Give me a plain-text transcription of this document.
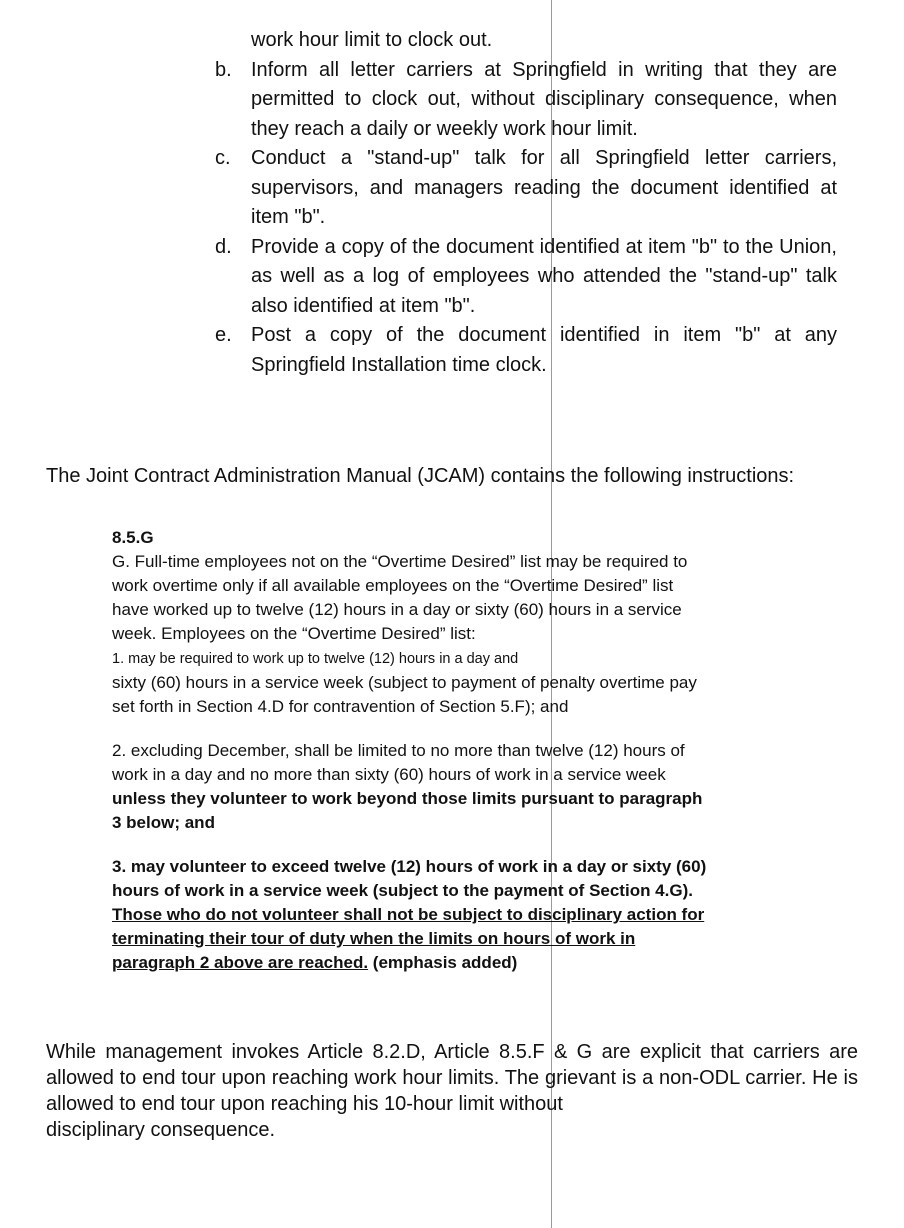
work hour limit to clock out.
b. Inform all letter carriers at Springfield in writing that they are permitted to clock out, without disciplinary consequence, when they reach a daily or weekly work hour limit.
c.	Conduct a "stand-up" talk for all Springfield letter carriers, supervisors, and managers reading the document identified at item "b".
d. Provide a copy of the document identified at item "b" to the Union, as well as a log of employees who attended the "stand-up" talk also identified at item "b".
e. Post a copy of the document identified in item "b" at any Springfield Installation time clock.

The Joint Contract Administration Manual (JCAM) contains the following instructions:

8.5.G

G. Full-time employees not on the “Overtime Desired” list may be required to work overtime only if all available employees on the “Overtime Desired” list have worked up to twelve (12) hours in a day or sixty (60) hours in a service week. Employees on the “Overtime Desired” list:

1. may be required to work up to twelve (12) hours in a day and
sixty (60) hours in a service week (subject to payment of penalty overtime pay set forth in Section 4.D for contravention of Section 5.F); and

2. excluding December, shall be limited to no more than twelve (12) hours of work in a day and no more than sixty (60) hours of work in a service week unless they volunteer to work beyond those limits pursuant to paragraph 3 below; and

3. may volunteer to exceed twelve (12) hours of work in a day or sixty (60) hours of work in a service week (subject to the payment of Section 4.G). Those who do not volunteer shall not be subject to disciplinary action for terminating their tour of duty when the limits on hours of work in paragraph 2 above are reached. (emphasis added)

While management invokes Article 8.2.D, Article 8.5.F & G are explicit that carriers are allowed to end tour upon reaching work hour limits. The grievant is a non-ODL carrier. He is allowed to end tour upon reaching his 10-hour limit without
disciplinary consequence.
